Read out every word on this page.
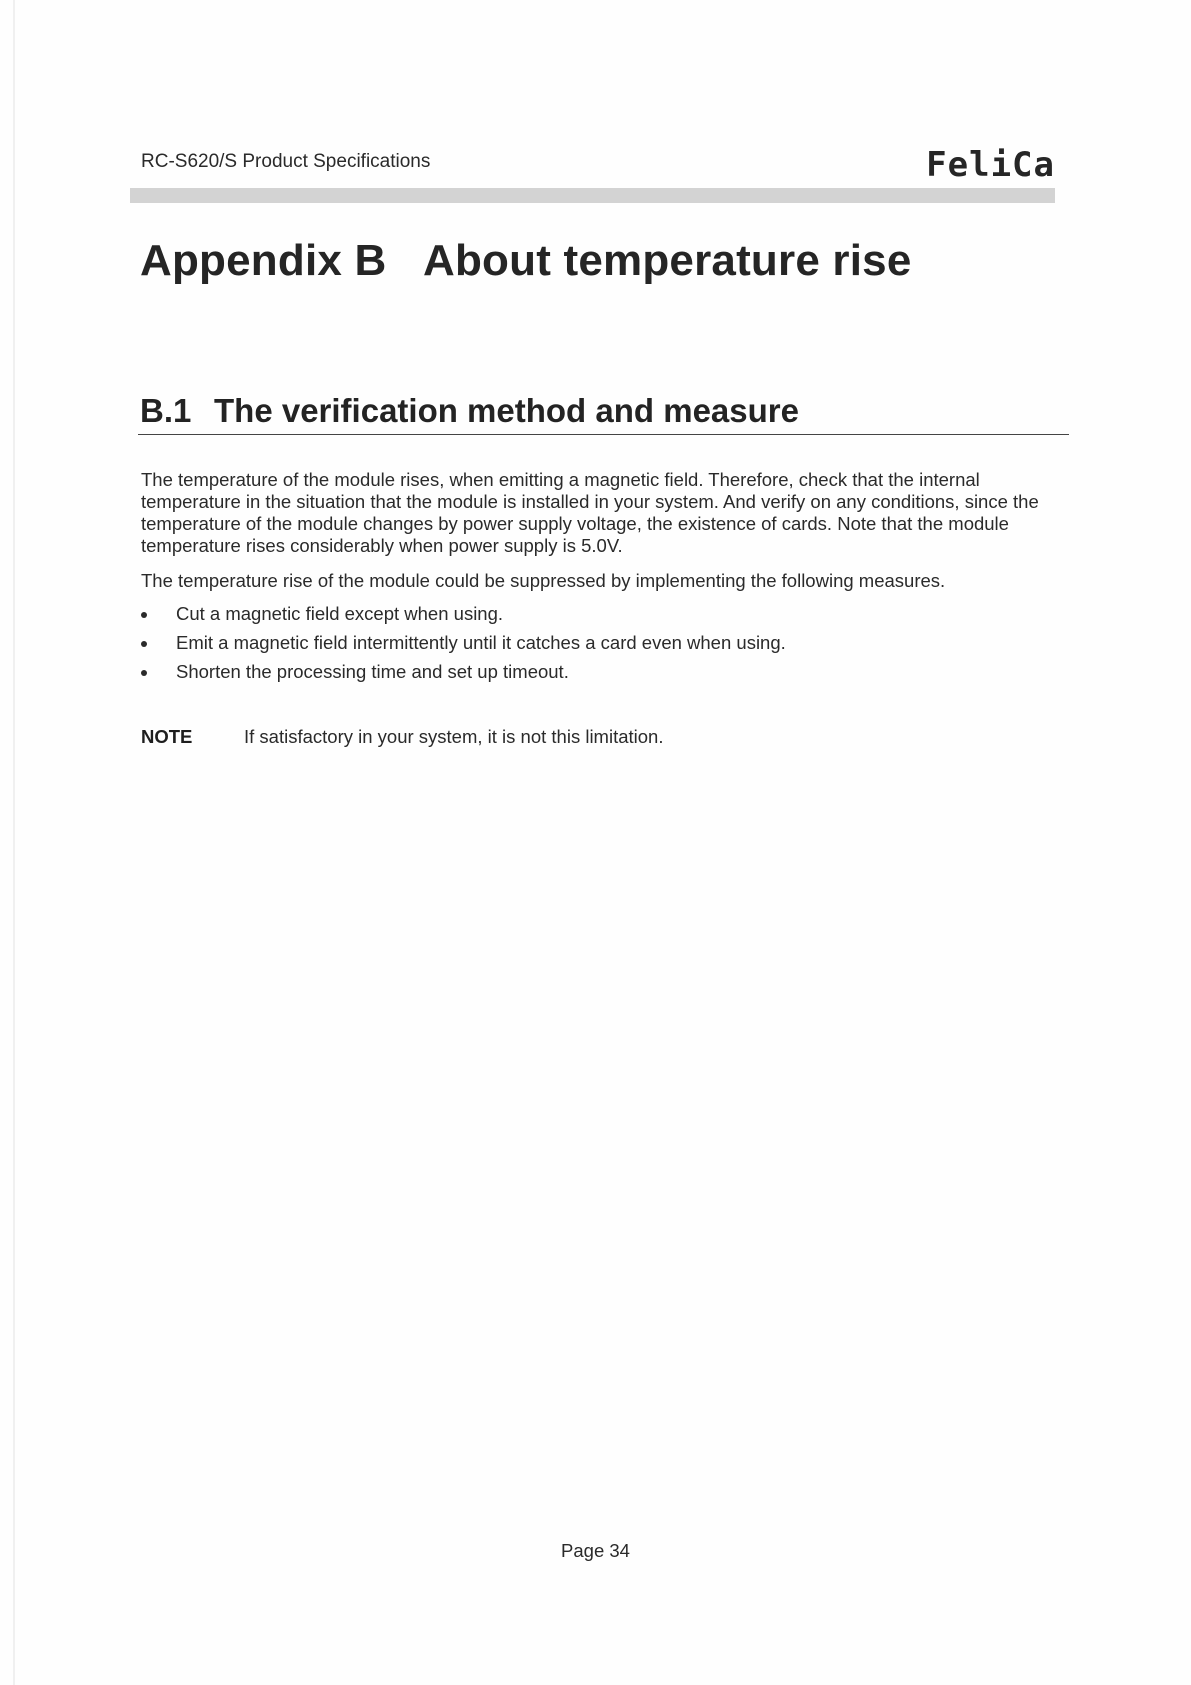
RC-S620/S Product Specifications	FeliCa
Appendix B About temperature rise
B.1 The verification method and measure

The temperature of the module rises, when emitting a magnetic field. Therefore, check that the internal temperature in the situation that the module is installed in your system. And verify on any conditions, since the temperature of the module changes by power supply voltage, the existence of cards. Note that the module temperature rises considerably when power supply is 5.0V.

The temperature rise of the module could be suppressed by implementing the following measures.

Cut a magnetic field except when using.
Emit a magnetic field intermittently until it catches a card even when using.
Shorten the processing time and set up timeout.
NOTE	If satisfactory in your system, it is not this limitation.
Page 34
